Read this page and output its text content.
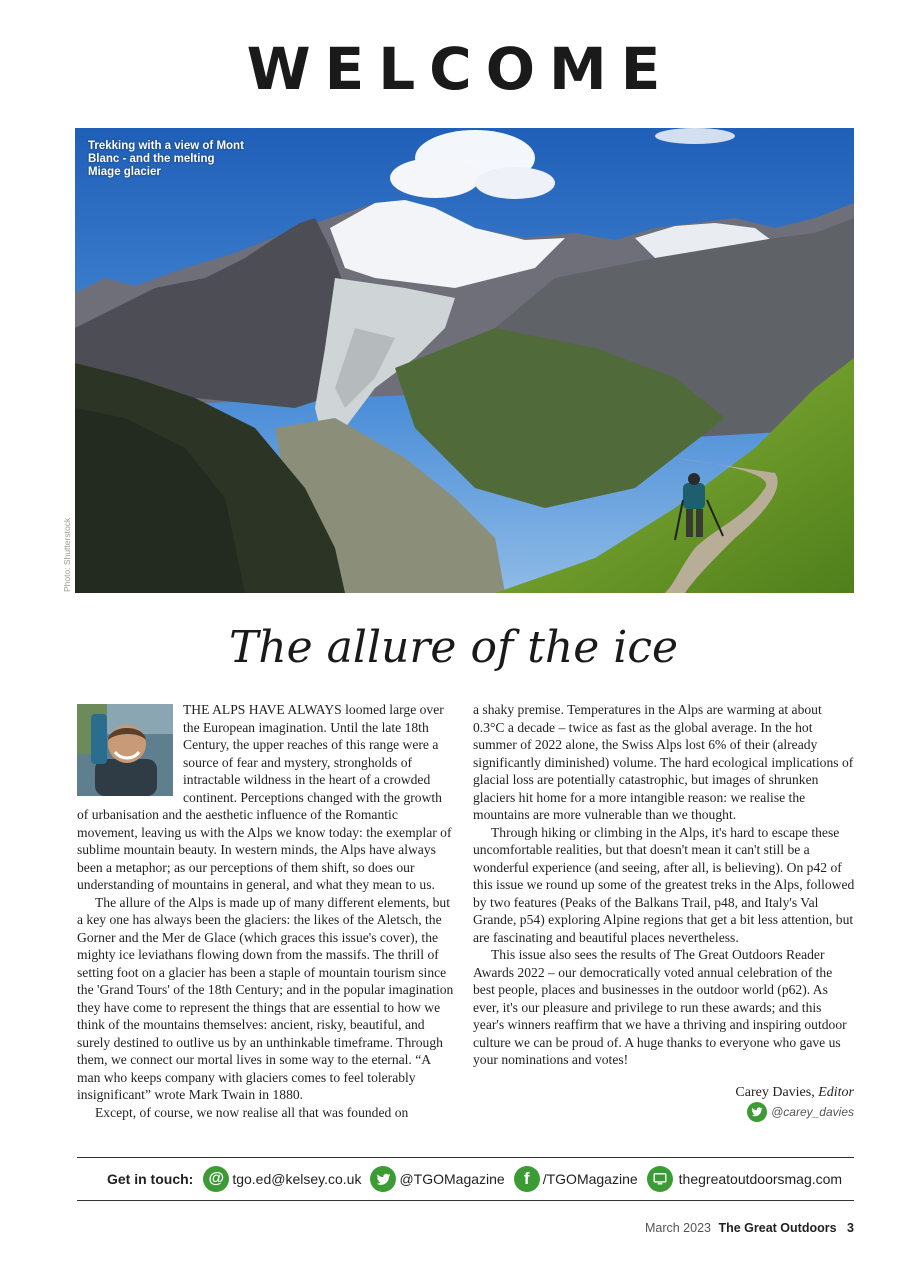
WELCOME
Trekking with a view of Mont Blanc - and the melting Miage glacier
Photo: Shutterstock
The allure of the ice

THE ALPS HAVE ALWAYS loomed large over the European imagination. Until the late 18th Century, the upper reaches of this range were a source of fear and mystery, strongholds of intractable wildness in the heart of a crowded continent. Perceptions changed with the growth of urbanisation and the aesthetic influence of the Romantic movement, leaving us with the Alps we know today: the exemplar of sublime mountain beauty. In western minds, the Alps have always been a metaphor; as our perceptions of them shift, so does our understanding of mountains in general, and what they mean to us.

The allure of the Alps is made up of many different elements, but a key one has always been the glaciers: the likes of the Aletsch, the Gorner and the Mer de Glace (which graces this issue's cover), the mighty ice leviathans flowing down from the massifs. The thrill of setting foot on a glacier has been a staple of mountain tourism since the 'Grand Tours' of the 18th Century; and in the popular imagination they have come to represent the things that are essential to how we think of the mountains themselves: ancient, risky, beautiful, and surely destined to outlive us by an unthinkable timeframe. Through them, we connect our mortal lives in some way to the eternal. “A man who keeps company with glaciers comes to feel tolerably insignificant” wrote Mark Twain in 1880.

Except, of course, we now realise all that was founded on

a shaky premise. Temperatures in the Alps are warming at about 0.3°C a decade – twice as fast as the global average. In the hot summer of 2022 alone, the Swiss Alps lost 6% of their (already significantly diminished) volume. The hard ecological implications of glacial loss are potentially catastrophic, but images of shrunken glaciers hit home for a more intangible reason: we realise the mountains are more vulnerable than we thought.

Through hiking or climbing in the Alps, it's hard to escape these uncomfortable realities, but that doesn't mean it can't still be a wonderful experience (and seeing, after all, is believing). On p42 of this issue we round up some of the greatest treks in the Alps, followed by two features (Peaks of the Balkans Trail, p48, and Italy's Val Grande, p54) exploring Alpine regions that get a bit less attention, but are fascinating and beautiful places nevertheless.

This issue also sees the results of The Great Outdoors Reader Awards 2022 – our democratically voted annual celebration of the best people, places and businesses in the outdoor world (p62). As ever, it's our pleasure and privilege to run these awards; and this year's winners reaffirm that we have a thriving and inspiring outdoor culture we can be proud of. A huge thanks to everyone who gave us your nominations and votes!

Carey Davies, Editor
@carey_davies
Get in touch: @ tgo.ed@kelsey.co.uk	@TGOMagazine	f /TGOMagazine	thegreatoutdoorsmag.com
March 2023 The Great Outdoors 3
